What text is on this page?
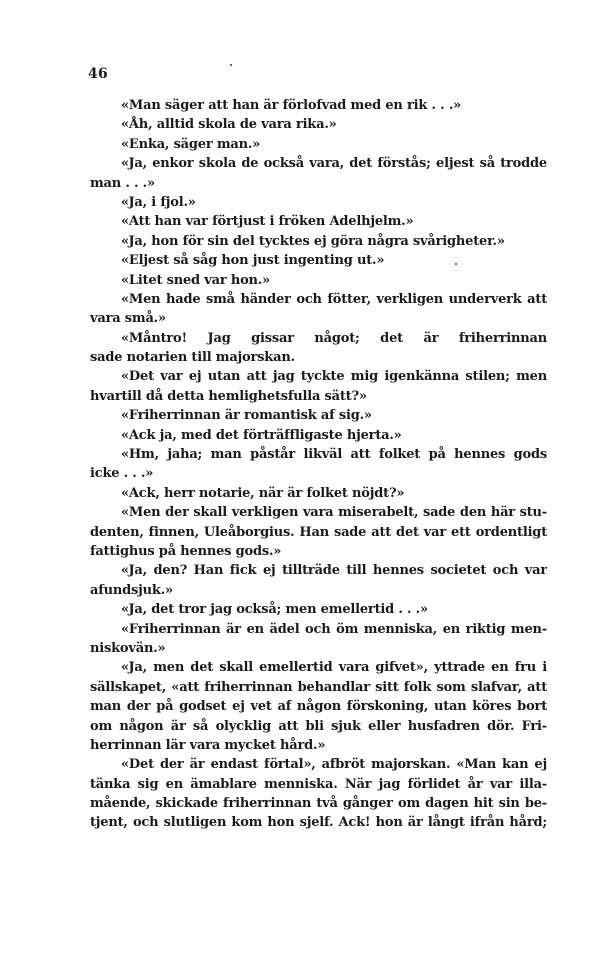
46
«Man säger att han är förlofvad med en rik . . .»
«Åh, alltid skola de vara rika.»
«Enka, säger man.»
«Ja, enkor skola de också vara, det förstås; eljest så trodde
man . . .»
«Ja, i fjol.»
«Att han var förtjust i fröken Adelhjelm.»
«Ja, hon för sin del tycktes ej göra några svårigheter.»
«Eljest så såg hon just ingenting ut.»
«Litet sned var hon.»
«Men hade små händer och fötter, verkligen underverk att
vara små.»
«Måntro! Jag gissar något; det är friherrinnan
sade notarien till majorskan.
«Det var ej utan att jag tyckte mig igenkänna stilen; men
hvartill då detta hemlighetsfulla sätt?»
«Friherrinnan är romantisk af sig.»
«Ack ja, med det förträffligaste hjerta.»
«Hm, jaha; man påstår likväl att folket på hennes gods
icke . . .»
«Ack, herr notarie, när är folket nöjdt?»
«Men der skall verkligen vara miserabelt, sade den här stu-
denten, finnen, Uleåborgius. Han sade att det var ett ordentligt
fattighus på hennes gods.»
«Ja, den? Han fick ej tillträde till hennes societet och var
afundsjuk.»
«Ja, det tror jag också; men emellertid . . .»
«Friherrinnan är en ädel och öm menniska, en riktig men-
niskovän.»
«Ja, men det skall emellertid vara gifvet», yttrade en fru i
sällskapet, «att friherrinnan behandlar sitt folk som slafvar, att
man der på godset ej vet af någon förskoning, utan köres bort
om någon är så olycklig att bli sjuk eller husfadren dör. Fri-
herrinnan lär vara mycket hård.»
«Det der är endast förtal», afbröt majorskan. «Man kan ej
tänka sig en ämablare menniska. När jag förlidet år var illa-
mående, skickade friherrinnan två gånger om dagen hit sin be-
tjent, och slutligen kom hon sjelf. Ack! hon är långt ifrån hård;
